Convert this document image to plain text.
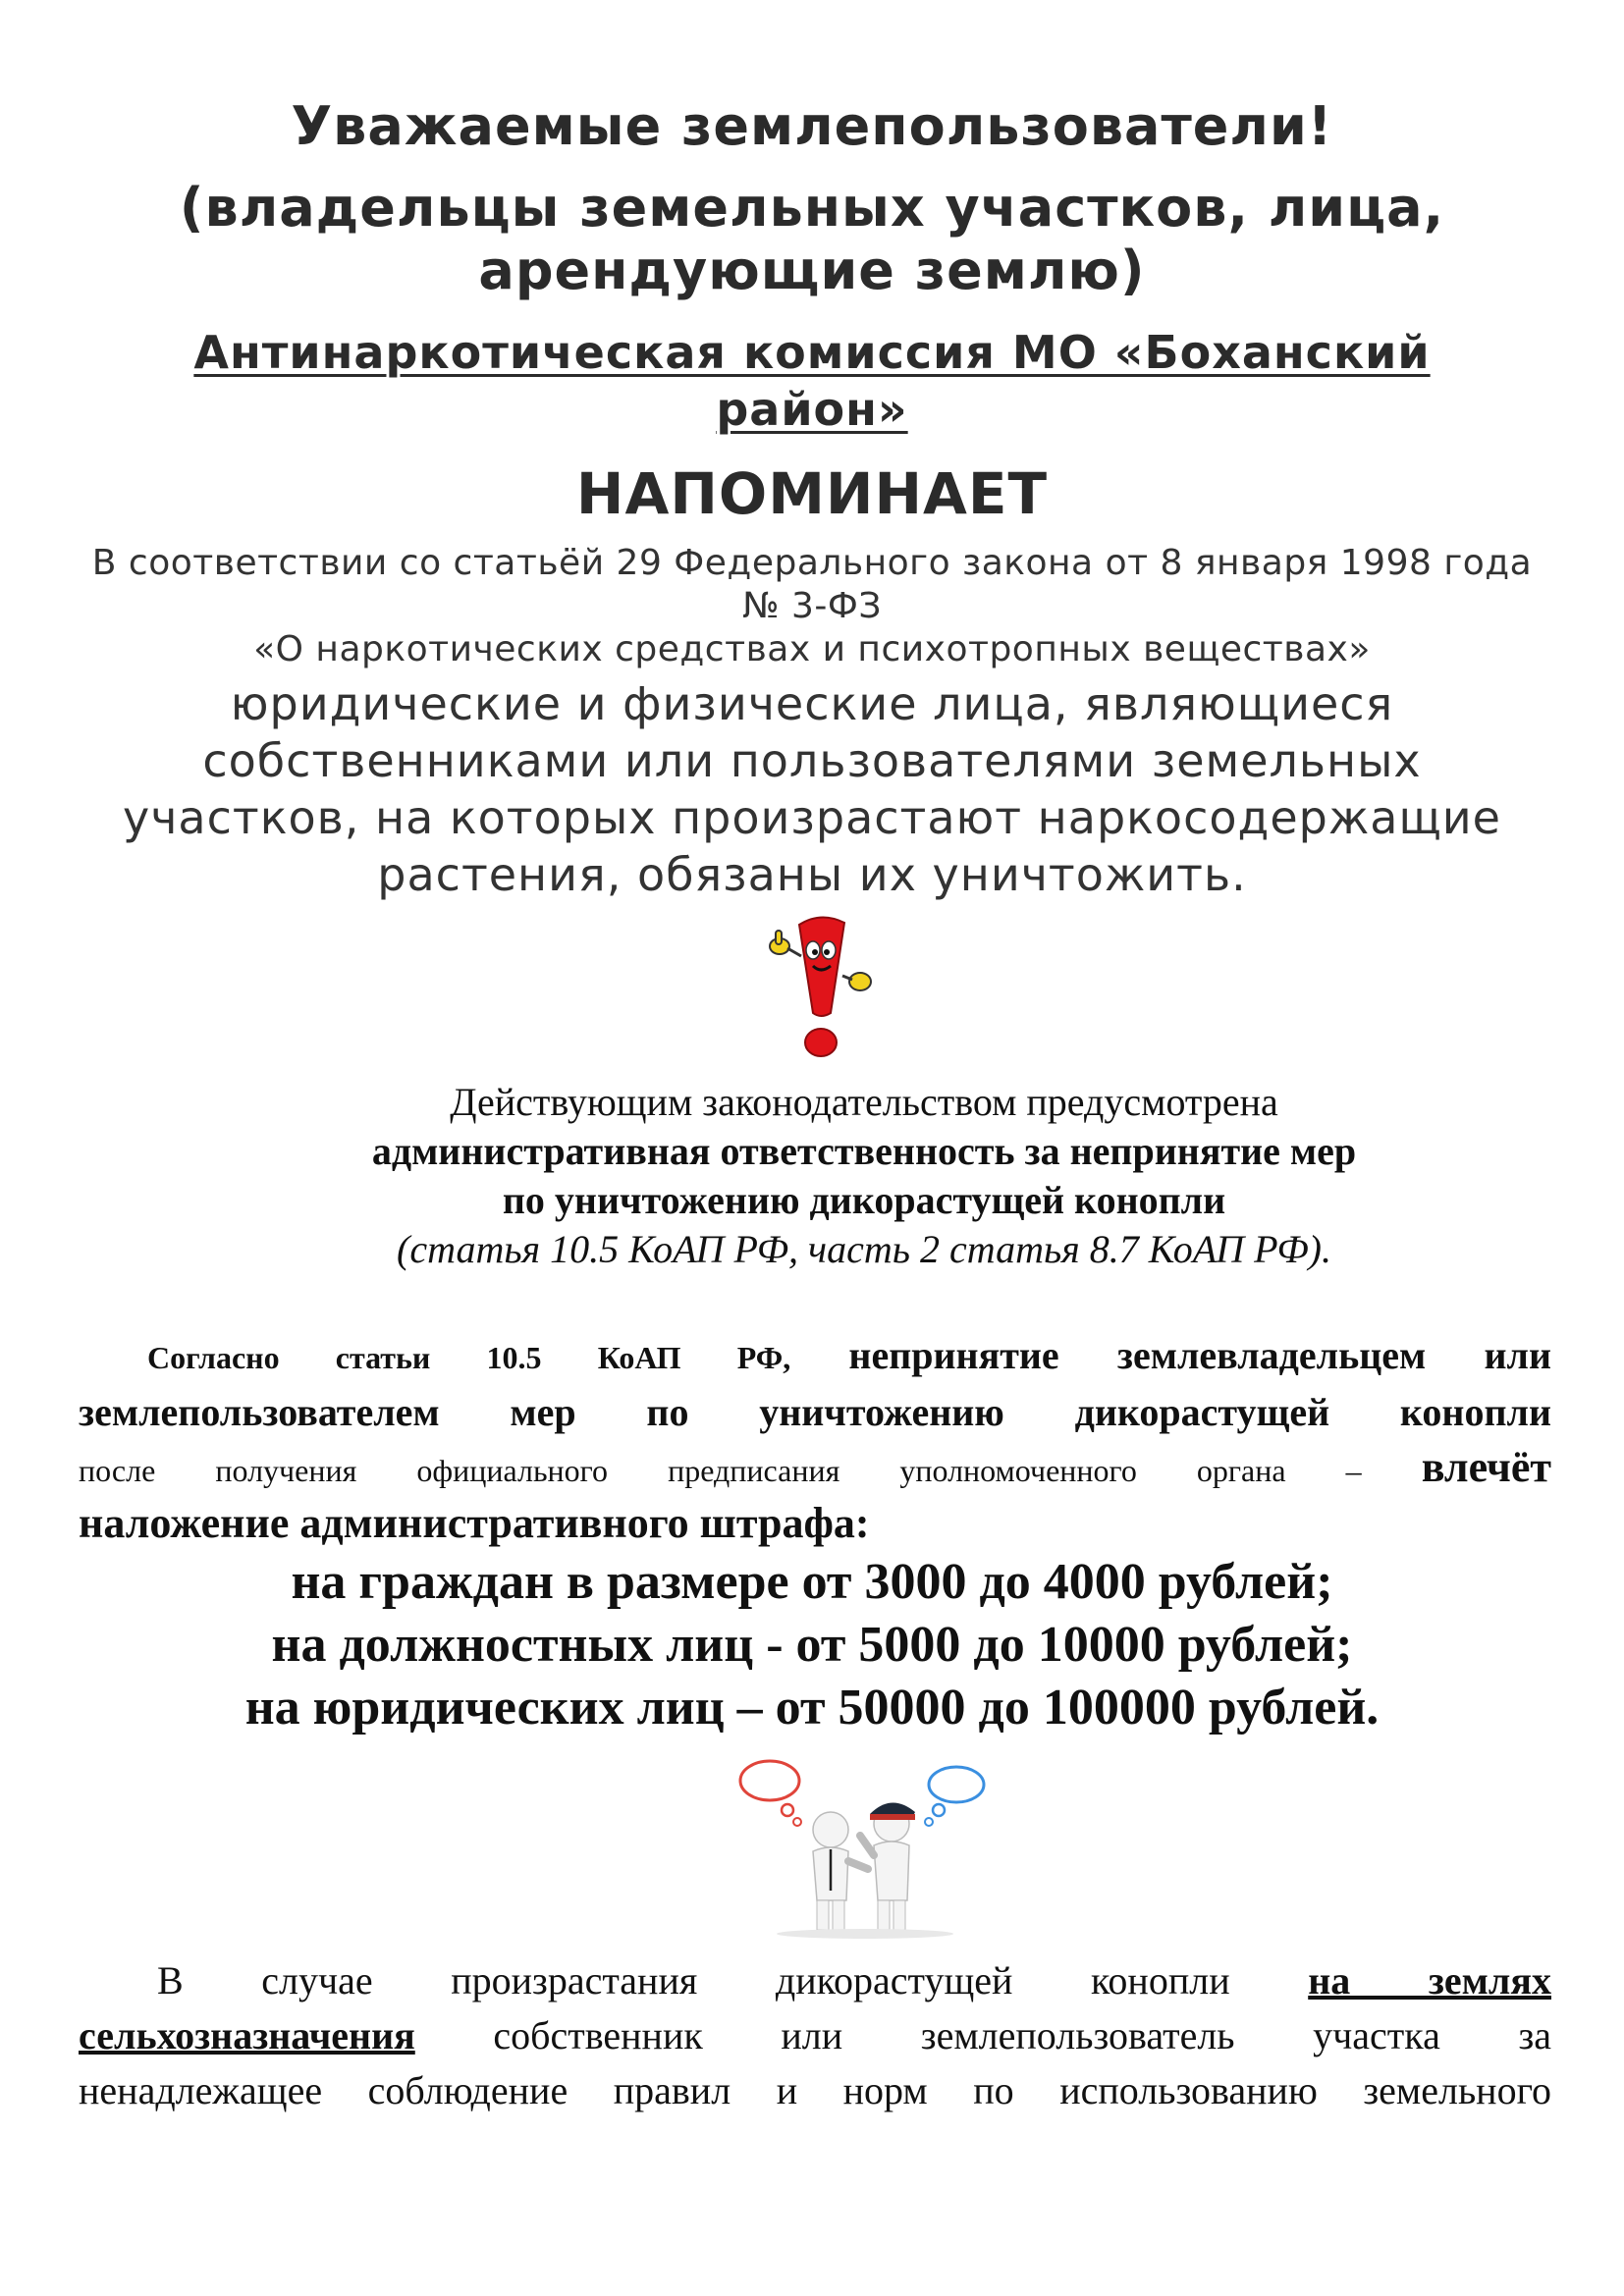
Уважаемые землепользователи!
(владельцы земельных участков, лица, арендующие землю)
Антинаркотическая комиссия МО «Боханский район»
НАПОМИНАЕТ
В соответствии со статьёй 29 Федерального закона от 8 января 1998 года № 3-ФЗ
«О наркотических средствах и психотропных веществах»
юридические и физические лица, являющиеся собственниками или пользователями земельных участков, на которых произрастают наркосодержащие растения, обязаны их уничтожить.
Действующим законодательством предусмотрена
административная ответственность за непринятие мер
по уничтожению дикорастущей конопли
(статья 10.5 КоАП РФ, часть 2 статья 8.7 КоАП РФ).
Согласно статьи 10.5 КоАП РФ, непринятие землевладельцем или
землепользователем мер по уничтожению дикорастущей конопли
после получения официального предписания уполномоченного органа – влечёт
наложение административного штрафа:
на граждан в размере от 3000 до 4000 рублей;
на должностных лиц - от 5000 до 10000 рублей;
на юридических лиц – от 50000 до 100000 рублей.
В случае произрастания дикорастущей конопли на землях
сельхозназначения собственник или землепользователь участка за
ненадлежащее соблюдение правил и норм по использованию земельного
